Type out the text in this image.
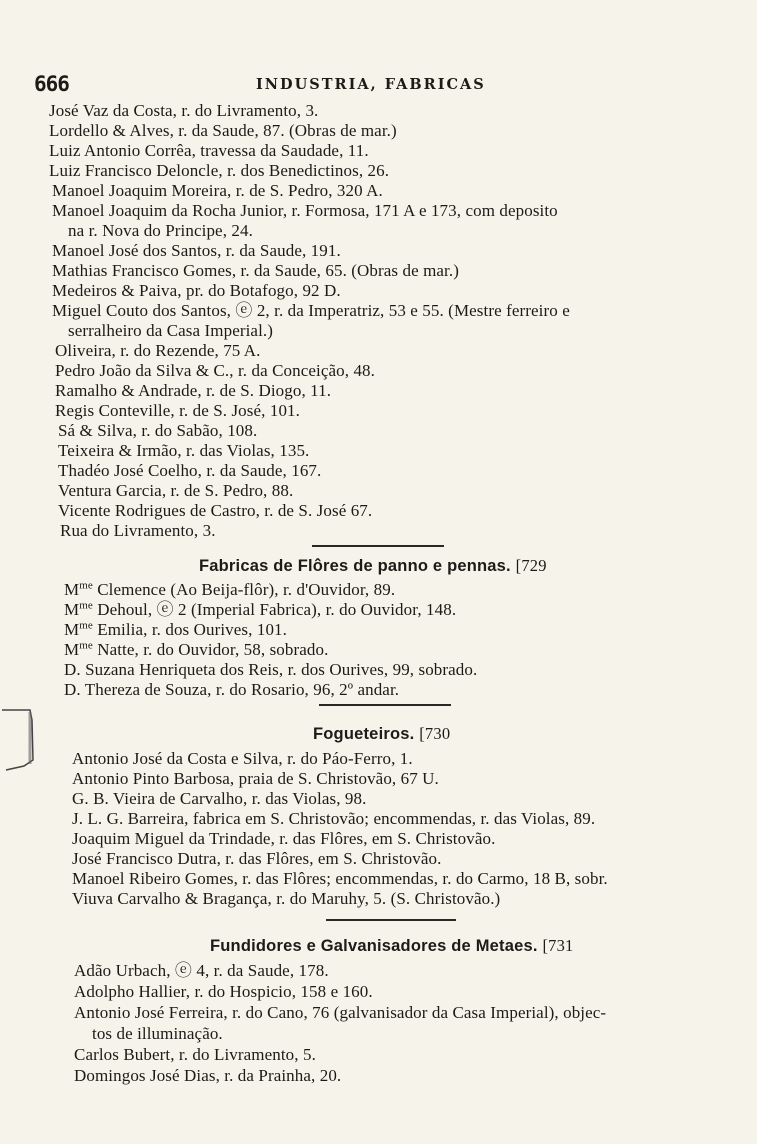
666	INDUSTRIA, FABRICAS
José Vaz da Costa, r. do Livramento, 3.
Lordello & Alves, r. da Saude, 87. (Obras de mar.)
Luiz Antonio Corrêa, travessa da Saudade, 11.
Luiz Francisco Deloncle, r. dos Benedictinos, 26.
Manoel Joaquim Moreira, r. de S. Pedro, 320 A.
Manoel Joaquim da Rocha Junior, r. Formosa, 171 A e 173, com deposito
na r. Nova do Principe, 24.
Manoel José dos Santos, r. da Saude, 191.
Mathias Francisco Gomes, r. da Saude, 65. (Obras de mar.)
Medeiros & Paiva, pr. do Botafogo, 92 D.
Miguel Couto dos Santos, ⓔ 2, r. da Imperatriz, 53 e 55. (Mestre ferreiro e
serralheiro da Casa Imperial.)
Oliveira, r. do Rezende, 75 A.
Pedro João da Silva & C., r. da Conceição, 48.
Ramalho & Andrade, r. de S. Diogo, 11.
Regis Conteville, r. de S. José, 101.
Sá & Silva, r. do Sabão, 108.
Teixeira & Irmão, r. das Violas, 135.
Thadéo José Coelho, r. da Saude, 167.
Ventura Garcia, r. de S. Pedro, 88.
Vicente Rodrigues de Castro, r. de S. José 67.
Rua do Livramento, 3.
Fabricas de Flôres de panno e pennas. [729
$M^{me}$ Clemence (Ao Beija-flôr), r. d'Ouvidor, 89.
$M^{me}$ Dehoul, ⓔ 2 (Imperial Fabrica), r. do Ouvidor, 148.
$M^{me}$ Emilia, r. dos Ourives, 101.
$M^{me}$ Natte, r. do Ouvidor, 58, sobrado.
D. Suzana Henriqueta dos Reis, r. dos Ourives, 99, sobrado.
D. Thereza de Souza, r. do Rosario, 96, 2º andar.
Fogueteiros. [730
Antonio José da Costa e Silva, r. do Páo-Ferro, 1.
Antonio Pinto Barbosa, praia de S. Christovão, 67 U.
G. B. Vieira de Carvalho, r. das Violas, 98.
J. L. G. Barreira, fabrica em S. Christovão; encommendas, r. das Violas, 89.
Joaquim Miguel da Trindade, r. das Flôres, em S. Christovão.
José Francisco Dutra, r. das Flôres, em S. Christovão.
Manoel Ribeiro Gomes, r. das Flôres; encommendas, r. do Carmo, 18 B, sobr.
Viuva Carvalho & Bragança, r. do Maruhy, 5. (S. Christovão.)
Fundidores e Galvanisadores de Metaes. [731
Adão Urbach, ⓔ 4, r. da Saude, 178.
Adolpho Hallier, r. do Hospicio, 158 e 160.
Antonio José Ferreira, r. do Cano, 76 (galvanisador da Casa Imperial), objec-
tos de illuminação.
Carlos Bubert, r. do Livramento, 5.
Domingos José Dias, r. da Prainha, 20.
